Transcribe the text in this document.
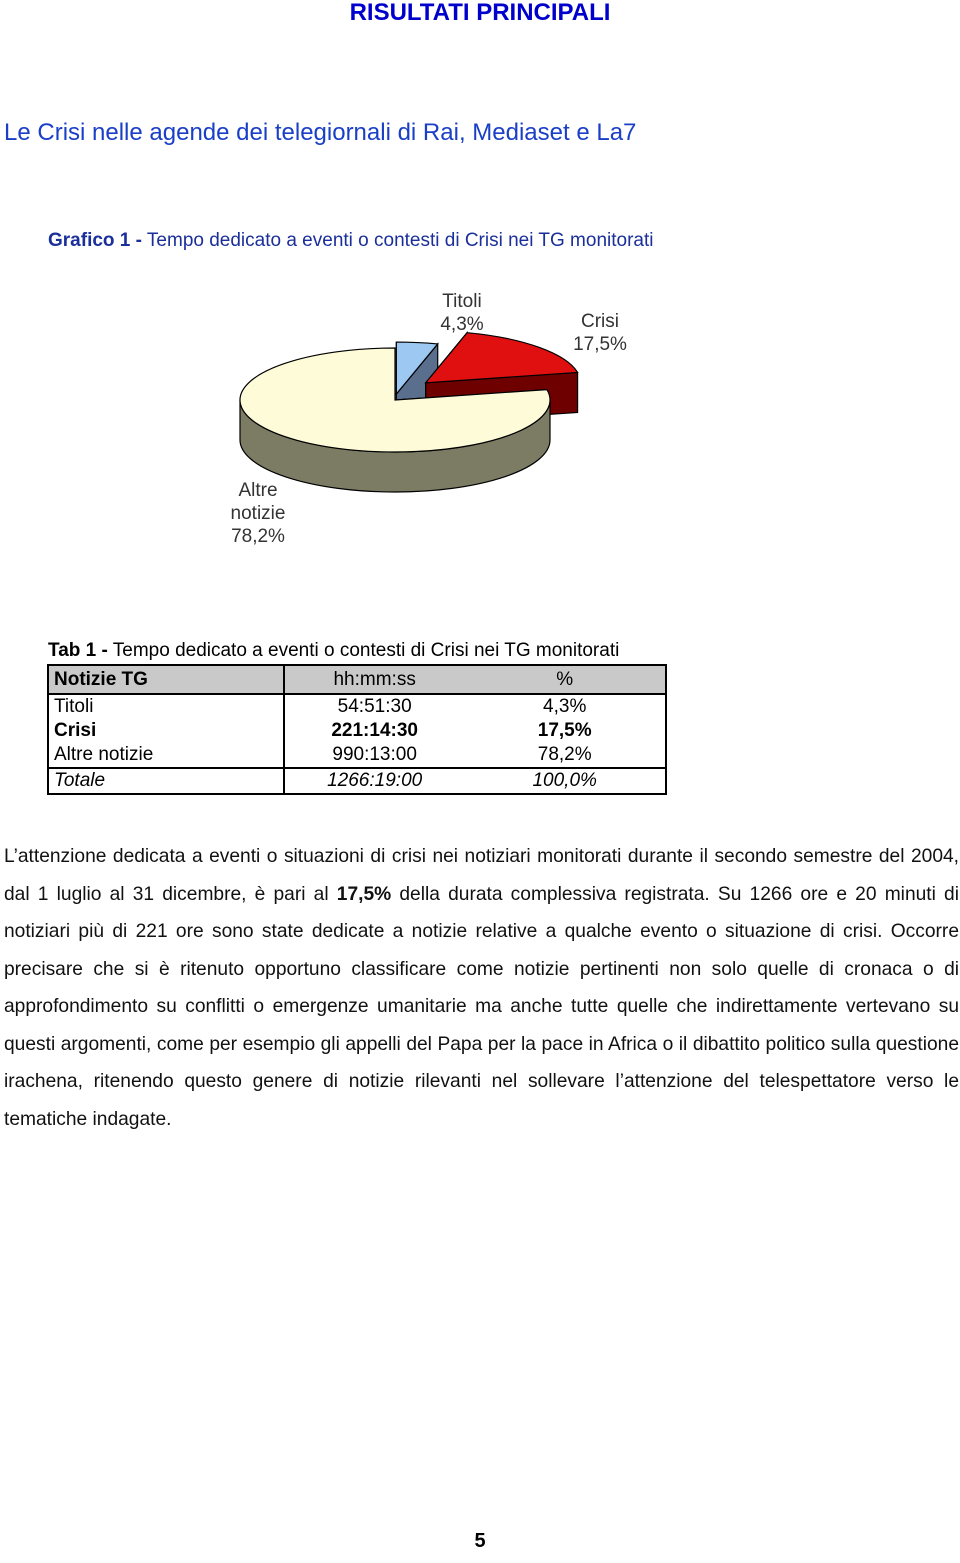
RISULTATI PRINCIPALI
Le Crisi nelle agende dei telegiornali di Rai, Mediaset e La7
Grafico 1 - Tempo dedicato a eventi o contesti di Crisi nei TG monitorati
Titoli
4,3%	Crisi
17,5%
Altre
notizie
78,2%
Tab 1 - Tempo dedicato a eventi o contesti di Crisi nei TG monitorati
Notizie TG	hh:mm:ss	%
Titoli	54:51:30	4,3%
Crisi	221:14:30	17,5%
Altre notizie	990:13:00	78,2%
Totale	1266:19:00	100,0%
L’attenzione dedicata a eventi o situazioni di crisi nei notiziari monitorati durante il secondo semestre del 2004, dal 1 luglio al 31 dicembre, è pari al 17,5% della durata complessiva registrata. Su 1266 ore e 20 minuti di notiziari più di 221 ore sono state dedicate a notizie relative a qualche evento o situazione di crisi. Occorre precisare che si è ritenuto opportuno classificare come notizie pertinenti non solo quelle di cronaca o di approfondimento su conflitti o emergenze umanitarie ma anche tutte quelle che indirettamente vertevano su questi argomenti, come per esempio gli appelli del Papa per la pace in Africa o il dibattito politico sulla questione irachena, ritenendo questo genere di notizie rilevanti nel sollevare l’attenzione del telespettatore verso le tematiche indagate.
5
